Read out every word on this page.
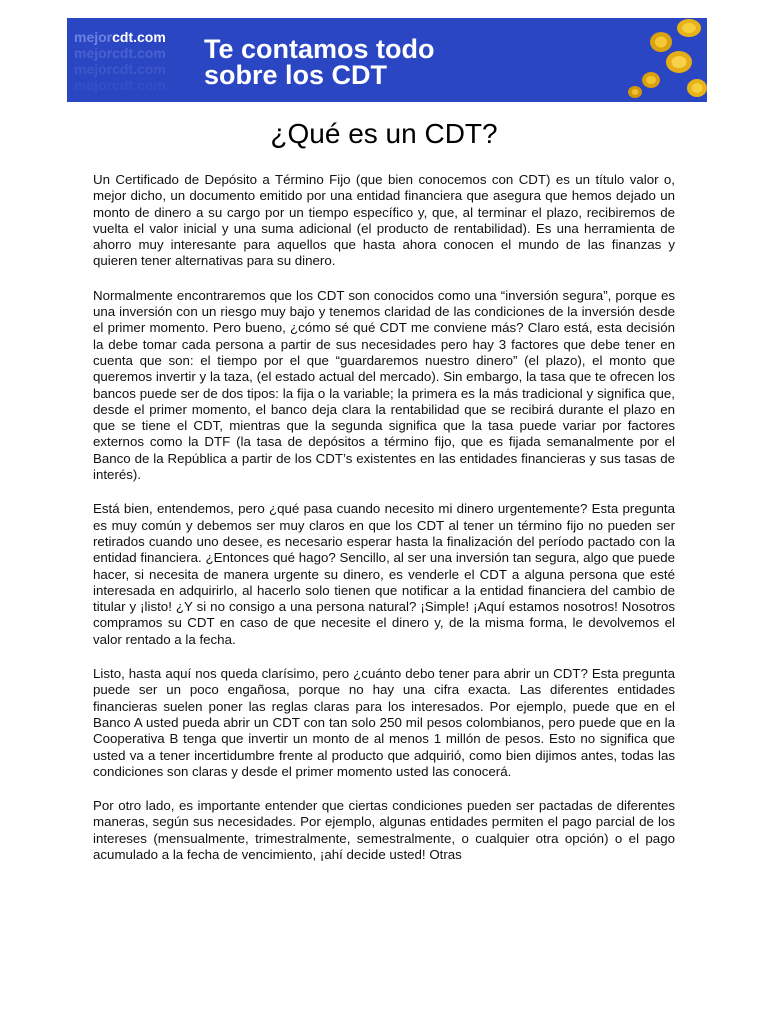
mejorcdt.com
mejorcdt.com
mejorcdt.com
mejorcdt.com
Te contamos todo
sobre los CDT
¿Qué es un CDT?

Un Certificado de Depósito a Término Fijo (que bien conocemos con CDT) es un título valor o, mejor dicho, un documento emitido por una entidad financiera que asegura que hemos dejado un monto de dinero a su cargo por un tiempo específico y, que, al terminar el plazo, recibiremos de vuelta el valor inicial y una suma adicional (el producto de rentabilidad). Es una herramienta de ahorro muy interesante para aquellos que hasta ahora conocen el mundo de las finanzas y quieren tener alternativas para su dinero.

Normalmente encontraremos que los CDT son conocidos como una “inversión segura”, porque es una inversión con un riesgo muy bajo y tenemos claridad de las condiciones de la inversión desde el primer momento. Pero bueno, ¿cómo sé qué CDT me conviene más? Claro está, esta decisión la debe tomar cada persona a partir de sus necesidades pero hay 3 factores que debe tener en cuenta que son: el tiempo por el que “guardaremos nuestro dinero” (el plazo), el monto que queremos invertir y la taza, (el estado actual del mercado). Sin embargo, la tasa que te ofrecen los bancos puede ser de dos tipos: la fija o la variable; la primera es la más tradicional y significa que, desde el primer momento, el banco deja clara la rentabilidad que se recibirá durante el plazo en que se tiene el CDT, mientras que la segunda significa que la tasa puede variar por factores externos como la DTF (la tasa de depósitos a término fijo, que es fijada semanalmente por el Banco de la República a partir de los CDT’s existentes en las entidades financieras y sus tasas de interés).

Está bien, entendemos, pero ¿qué pasa cuando necesito mi dinero urgentemente? Esta pregunta es muy común y debemos ser muy claros en que los CDT al tener un término fijo no pueden ser retirados cuando uno desee, es necesario esperar hasta la finalización del período pactado con la entidad financiera. ¿Entonces qué hago? Sencillo, al ser una inversión tan segura, algo que puede hacer, si necesita de manera urgente su dinero, es venderle el CDT a alguna persona que esté interesada en adquirirlo, al hacerlo solo tienen que notificar a la entidad financiera del cambio de titular y ¡listo! ¿Y si no consigo a una persona natural? ¡Simple! ¡Aquí estamos nosotros! Nosotros compramos su CDT en caso de que necesite el dinero y, de la misma forma, le devolvemos el valor rentado a la fecha.

Listo, hasta aquí nos queda clarísimo, pero ¿cuánto debo tener para abrir un CDT? Esta pregunta puede ser un poco engañosa, porque no hay una cifra exacta. Las diferentes entidades financieras suelen poner las reglas claras para los interesados. Por ejemplo, puede que en el Banco A usted pueda abrir un CDT con tan solo 250 mil pesos colombianos, pero puede que en la Cooperativa B tenga que invertir un monto de al menos 1 millón de pesos. Esto no significa que usted va a tener incertidumbre frente al producto que adquirió, como bien dijimos antes, todas las condiciones son claras y desde el primer momento usted las conocerá.

Por otro lado, es importante entender que ciertas condiciones pueden ser pactadas de diferentes maneras, según sus necesidades. Por ejemplo, algunas entidades permiten el pago parcial de los intereses (mensualmente, trimestralmente, semestralmente, o cualquier otra opción) o el pago acumulado a la fecha de vencimiento, ¡ahí decide usted! Otras
